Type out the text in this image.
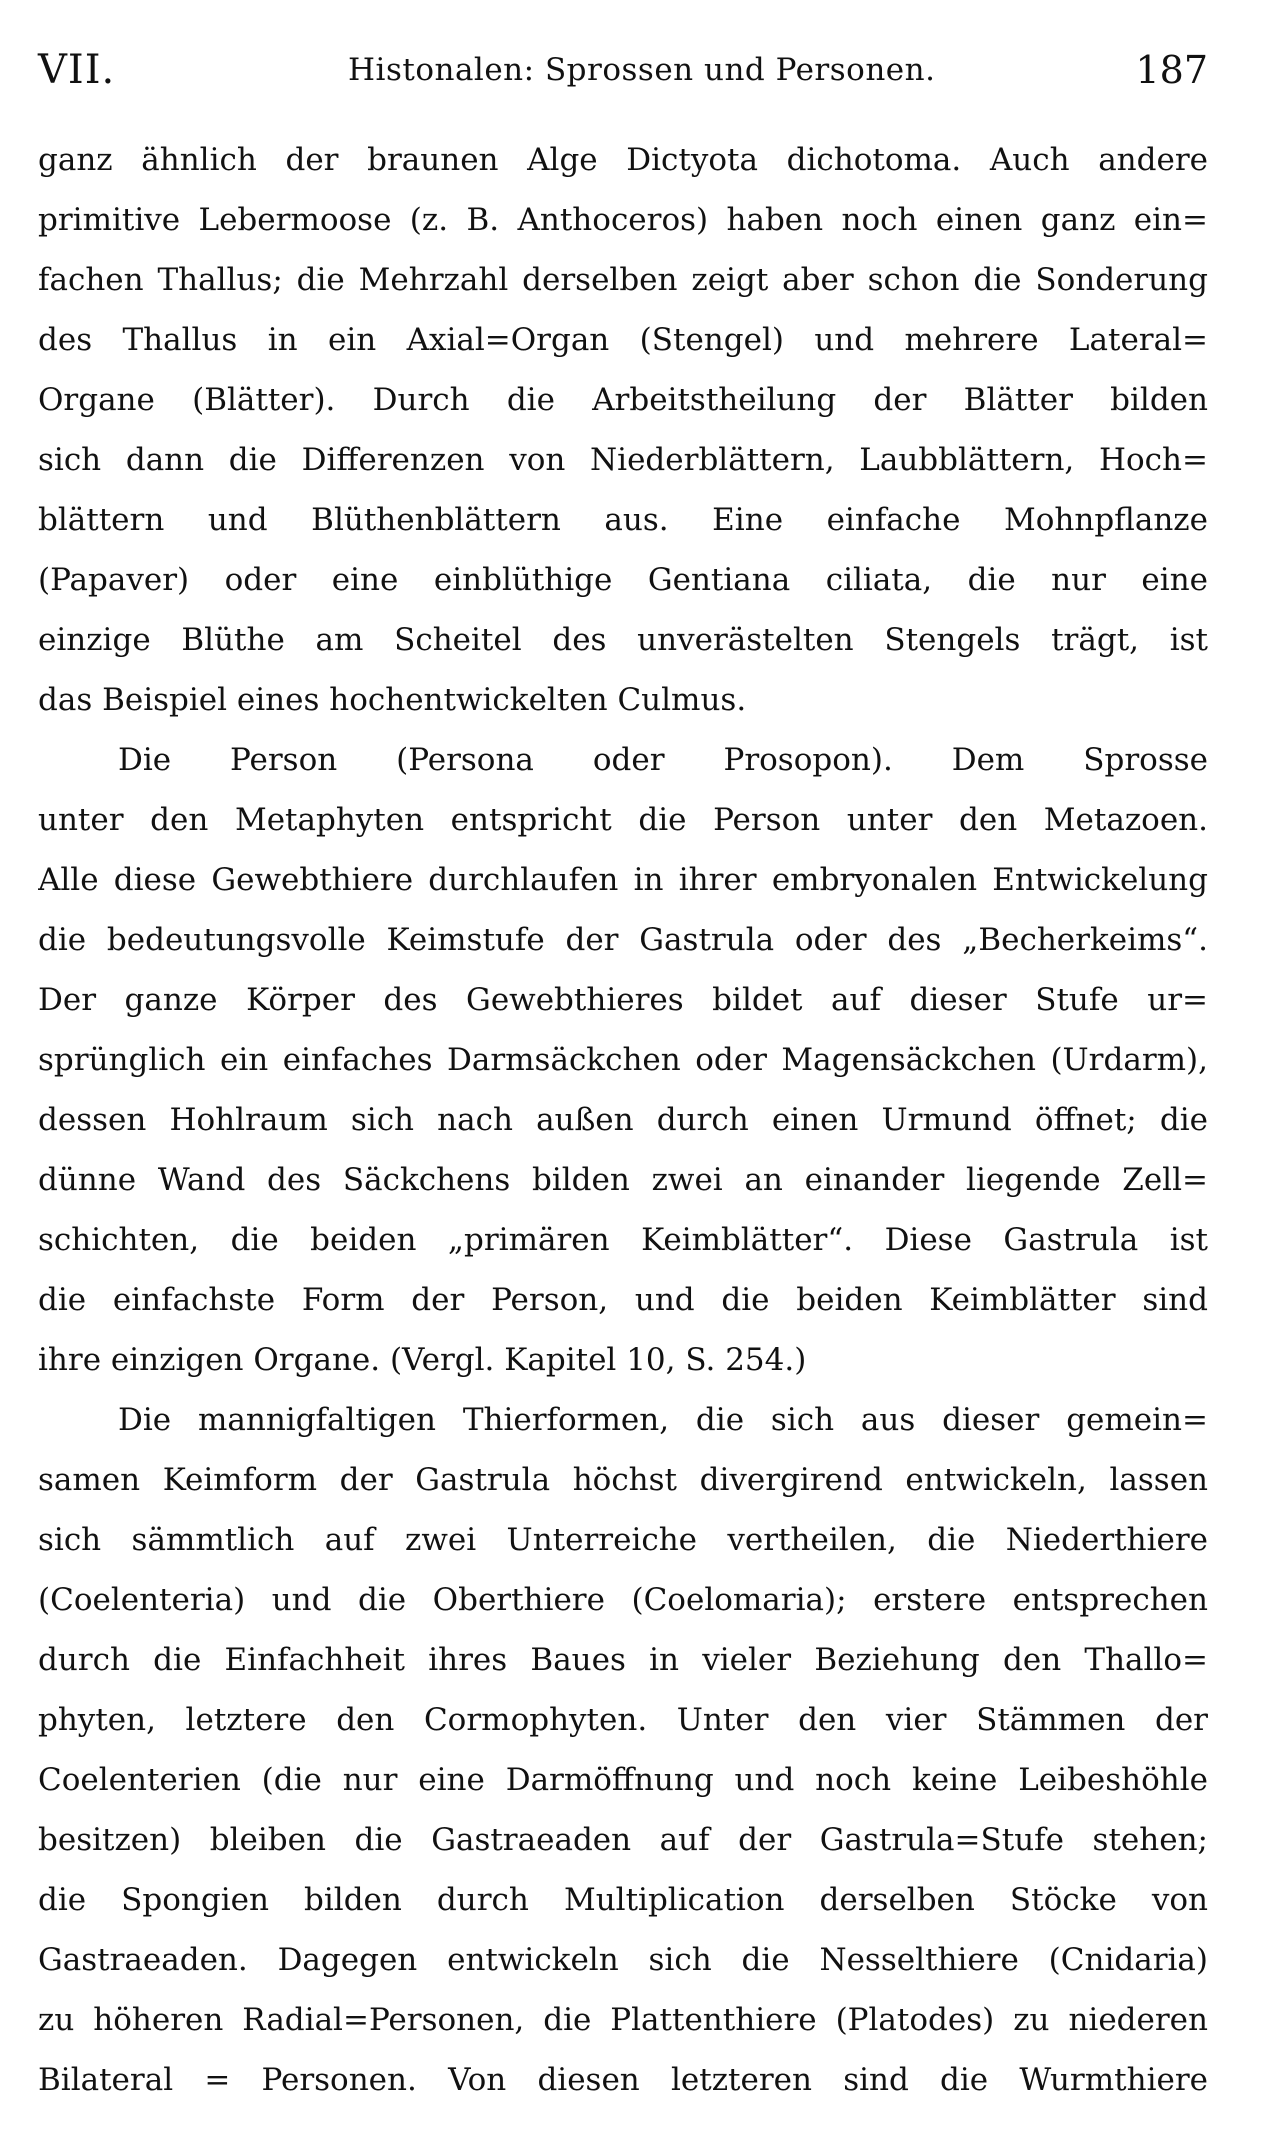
VII.	Histonalen: Sprossen und Personen.	187
ganz ähnlich der braunen Alge Dictyota dichotoma. Auch andere
primitive Lebermoose (z. B. Anthoceros) haben noch einen ganz ein=
fachen Thallus; die Mehrzahl derselben zeigt aber schon die Sonderung
des Thallus in ein Axial=Organ (Stengel) und mehrere Lateral=
Organe (Blätter). Durch die Arbeitstheilung der Blätter bilden
sich dann die Differenzen von Niederblättern, Laubblättern, Hoch=
blättern und Blüthenblättern aus. Eine einfache Mohnpflanze
(Papaver) oder eine einblüthige Gentiana ciliata, die nur eine
einzige Blüthe am Scheitel des unverästelten Stengels trägt, ist
das Beispiel eines hochentwickelten Culmus.
Die Person (Persona oder Prosopon). Dem Sprosse
unter den Metaphyten entspricht die Person unter den Metazoen.
Alle diese Gewebthiere durchlaufen in ihrer embryonalen Entwickelung
die bedeutungsvolle Keimstufe der Gastrula oder des „Becherkeims“.
Der ganze Körper des Gewebthieres bildet auf dieser Stufe ur=
sprünglich ein einfaches Darmsäckchen oder Magensäckchen (Urdarm),
dessen Hohlraum sich nach außen durch einen Urmund öffnet; die
dünne Wand des Säckchens bilden zwei an einander liegende Zell=
schichten, die beiden „primären Keimblätter“. Diese Gastrula ist
die einfachste Form der Person, und die beiden Keimblätter sind
ihre einzigen Organe. (Vergl. Kapitel 10, S. 254.)
Die mannigfaltigen Thierformen, die sich aus dieser gemein=
samen Keimform der Gastrula höchst divergirend entwickeln, lassen
sich sämmtlich auf zwei Unterreiche vertheilen, die Niederthiere
(Coelenteria) und die Oberthiere (Coelomaria); erstere entsprechen
durch die Einfachheit ihres Baues in vieler Beziehung den Thallo=
phyten, letztere den Cormophyten. Unter den vier Stämmen der
Coelenterien (die nur eine Darmöffnung und noch keine Leibeshöhle
besitzen) bleiben die Gastraeaden auf der Gastrula=Stufe stehen;
die Spongien bilden durch Multiplication derselben Stöcke von
Gastraeaden. Dagegen entwickeln sich die Nesselthiere (Cnidaria)
zu höheren Radial=Personen, die Plattenthiere (Platodes) zu niederen
Bilateral = Personen. Von diesen letzteren sind die Wurmthiere
